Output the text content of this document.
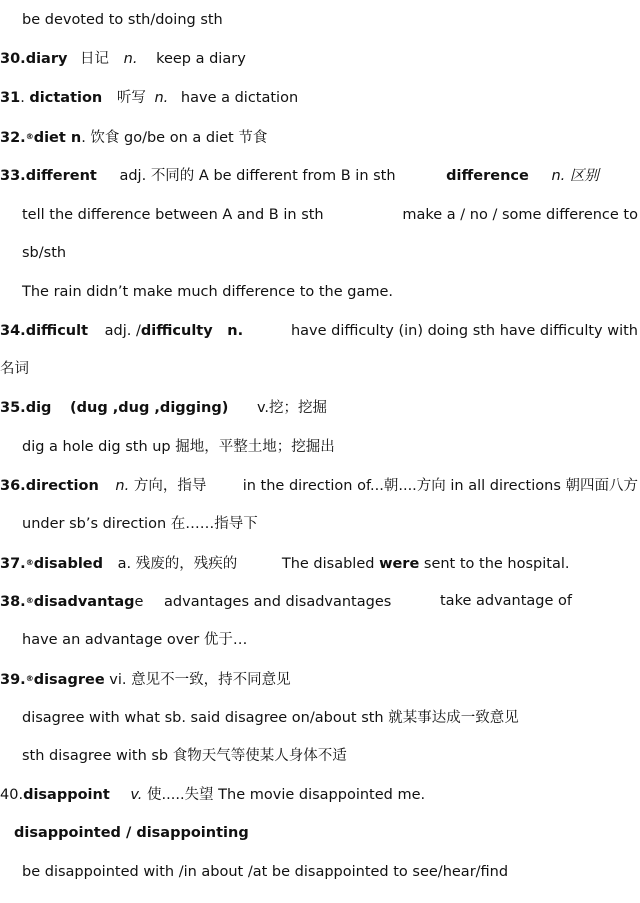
be devoted to sth/doing sth
30.diary 日记 n. keep a diary
31. dictation 听写 n. have a dictation
32.®diet n. 饮食 go/be on a diet 节食
33.different adj. 不同的 A be different from B in sth	difference n. 区别
tell the difference between A and B in sth	make a / no / some difference to
sb/sth
The rain didn’t make much difference to the game.
34.difficult adj. /difficulty n.	have difficulty (in) doing sth have difficulty with
名词
35.dig (dug ,dug ,digging) v.挖；挖掘
dig a hole dig sth up 掘地，平整土地；挖掘出
36.direction n. 方向，指导	in the direction of...朝....方向 in all directions 朝四面八方
under sb’s direction 在……指导下
37.®disabled a. 残废的，残疾的	The disabled were sent to the hospital.
38.®disadvantage advantages and disadvantages	take advantage of
have an advantage over 优于…
39.®disagree vi. 意见不一致，持不同意见
disagree with what sb. said disagree on/about sth 就某事达成一致意见
sth disagree with sb 食物天气等使某人身体不适
40.disappoint v. 使.....失望 The movie disappointed me.
disappointed / disappointing
be disappointed with /in about /at be disappointed to see/hear/find
